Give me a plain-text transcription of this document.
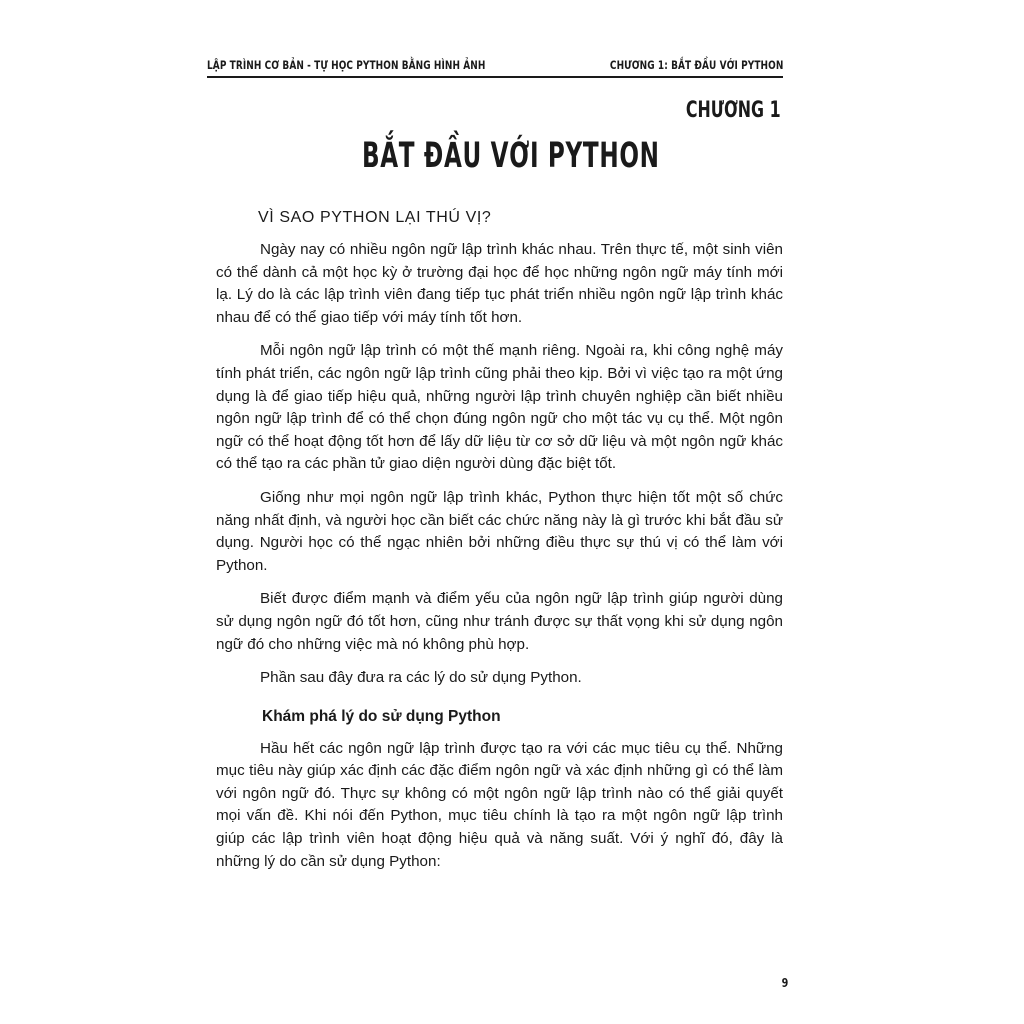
LẬP TRÌNH CƠ BẢN - TỰ HỌC PYTHON BẰNG HÌNH ẢNH	CHƯƠNG 1: BẮT ĐẦU VỚI PYTHON
CHƯƠNG 1
BẮT ĐẦU VỚI PYTHON
VÌ SAO PYTHON LẠI THÚ VỊ?

Ngày nay có nhiều ngôn ngữ lập trình khác nhau. Trên thực tế, một sinh viên có thể dành cả một học kỳ ở trường đại học để học những ngôn ngữ máy tính mới lạ. Lý do là các lập trình viên đang tiếp tục phát triển nhiều ngôn ngữ lập trình khác nhau để có thể giao tiếp với máy tính tốt hơn.

Mỗi ngôn ngữ lập trình có một thế mạnh riêng. Ngoài ra, khi công nghệ máy tính phát triển, các ngôn ngữ lập trình cũng phải theo kịp. Bởi vì việc tạo ra một ứng dụng là để giao tiếp hiệu quả, những người lập trình chuyên nghiệp cần biết nhiều ngôn ngữ lập trình để có thể chọn đúng ngôn ngữ cho một tác vụ cụ thể. Một ngôn ngữ có thể hoạt động tốt hơn để lấy dữ liệu từ cơ sở dữ liệu và một ngôn ngữ khác có thể tạo ra các phần tử giao diện người dùng đặc biệt tốt.

Giống như mọi ngôn ngữ lập trình khác, Python thực hiện tốt một số chức năng nhất định, và người học cần biết các chức năng này là gì trước khi bắt đầu sử dụng. Người học có thể ngạc nhiên bởi những điều thực sự thú vị có thể làm với Python.

Biết được điểm mạnh và điểm yếu của ngôn ngữ lập trình giúp người dùng sử dụng ngôn ngữ đó tốt hơn, cũng như tránh được sự thất vọng khi sử dụng ngôn ngữ đó cho những việc mà nó không phù hợp.

Phần sau đây đưa ra các lý do sử dụng Python.

Khám phá lý do sử dụng Python

Hầu hết các ngôn ngữ lập trình được tạo ra với các mục tiêu cụ thể. Những mục tiêu này giúp xác định các đặc điểm ngôn ngữ và xác định những gì có thể làm với ngôn ngữ đó. Thực sự không có một ngôn ngữ lập trình nào có thể giải quyết mọi vấn đề. Khi nói đến Python, mục tiêu chính là tạo ra một ngôn ngữ lập trình giúp các lập trình viên hoạt động hiệu quả và năng suất. Với ý nghĩ đó, đây là những lý do cần sử dụng Python:

9
